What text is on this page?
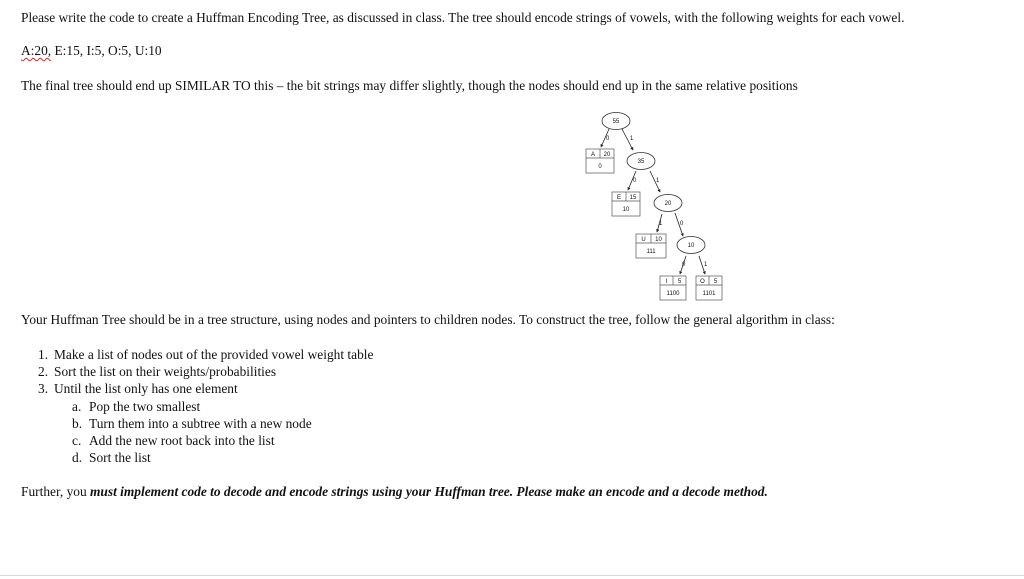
Please write the code to create a Huffman Encoding Tree, as discussed in class. The tree should encode strings of vowels, with the following weights for each vowel.
A:20, E:15, I:5, O:5, U:10
The final tree should end up SIMILAR TO this – the bit strings may differ slightly, though the nodes should end up in the same relative positions
0	1
0	1
1	0
0	1
55
35
20
10
A 20
0
E 15
10
U 10
111
I 5
1100
O 5
1101
Your Huffman Tree should be in a tree structure, using nodes and pointers to children nodes. To construct the tree, follow the general algorithm in class:
1. Make a list of nodes out of the provided vowel weight table
2. Sort the list on their weights/probabilities
3. Until the list only has one element
a. Pop the two smallest
b. Turn them into a subtree with a new node
c. Add the new root back into the list
d. Sort the list
Further, you must implement code to decode and encode strings using your Huffman tree. Please make an encode and a decode method.
